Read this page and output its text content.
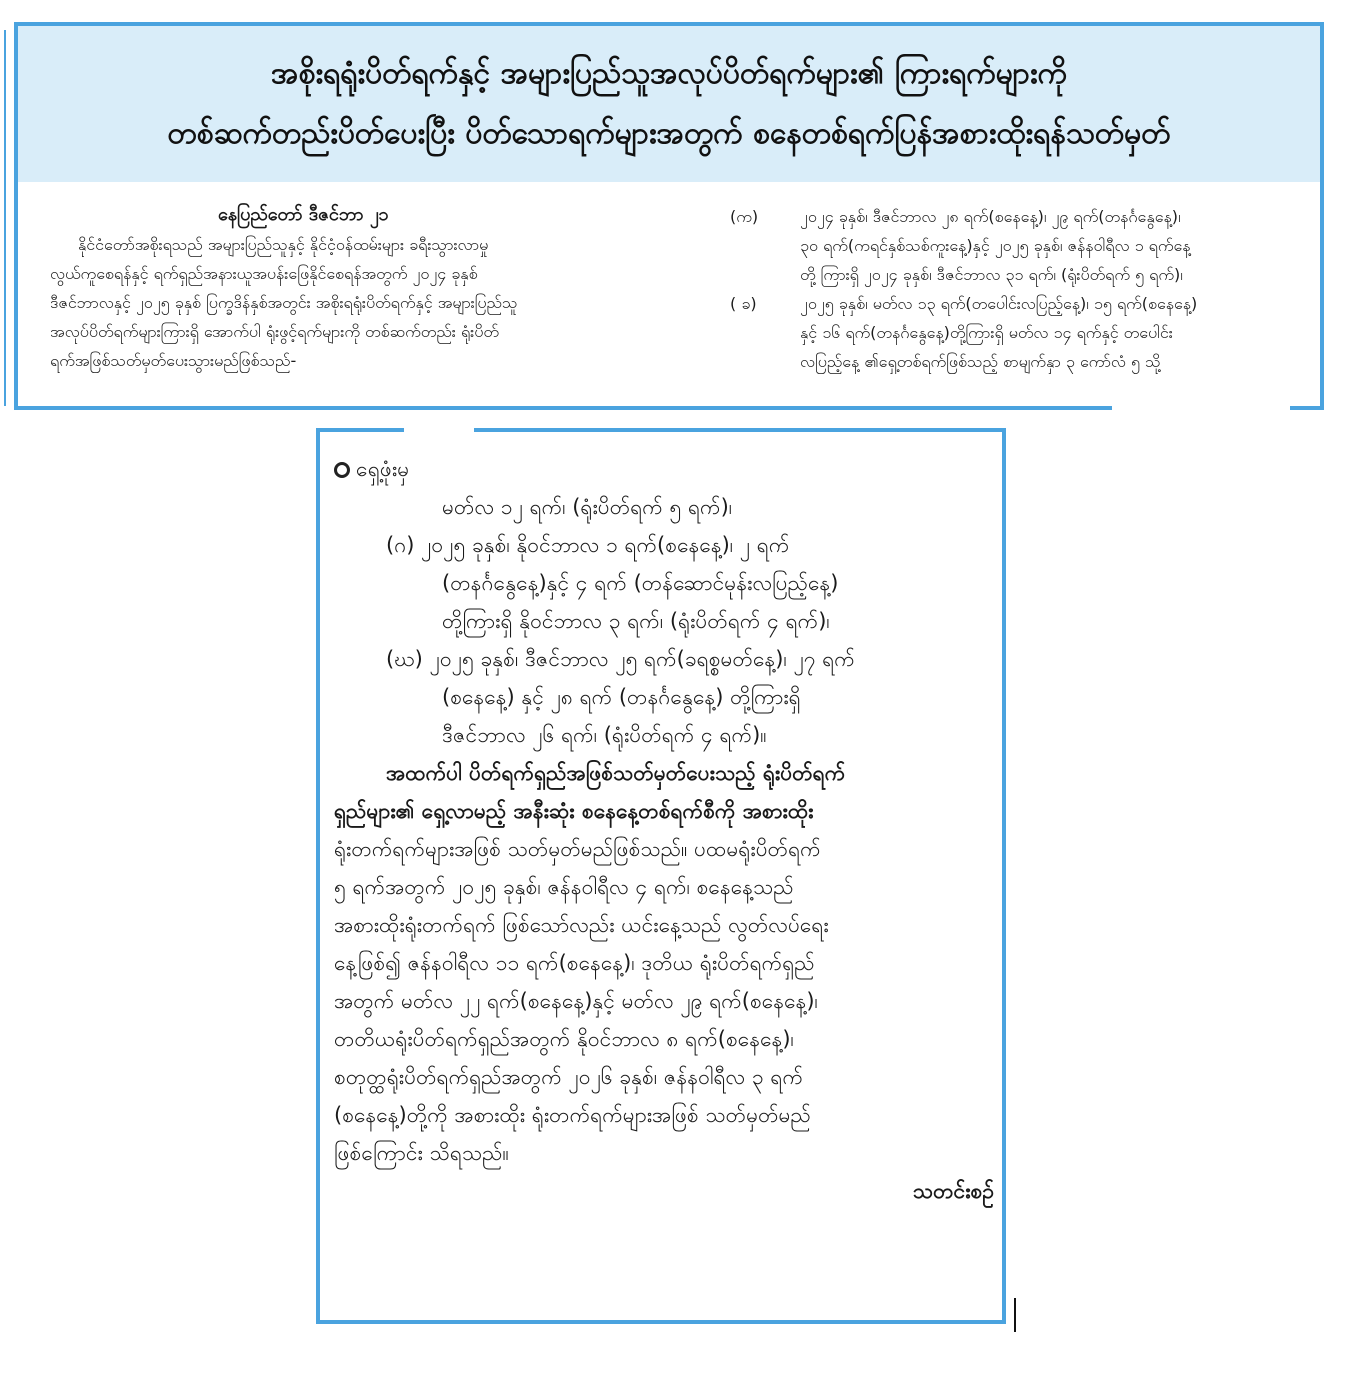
အစိုးရရုံးပိတ်ရက်နှင့် အများပြည်သူအလုပ်ပိတ်ရက်များ၏ ကြားရက်များကို
တစ်ဆက်တည်းပိတ်ပေးပြီး ပိတ်သောရက်များအတွက် စနေတစ်ရက်ပြန်အစားထိုးရန်သတ်မှတ်
နေပြည်တော် ဒီဇင်ဘာ ၂၁
နိုင်ငံတော်အစိုးရသည် အများပြည်သူနှင့် နိုင်ငံ့ဝန်ထမ်းများ ခရီးသွားလာမှု
လွယ်ကူစေရန်နှင့် ရက်ရှည်အနားယူအပန်းဖြေနိုင်စေရန်အတွက် ၂၀၂၄ ခုနှစ်
ဒီဇင်ဘာလနှင့် ၂၀၂၅ ခုနှစ် ပြက္ခဒိန်နှစ်အတွင်း အစိုးရရုံးပိတ်ရက်နှင့် အများပြည်သူ
အလုပ်ပိတ်ရက်များကြားရှိ အောက်ပါ ရုံးဖွင့်ရက်များကို တစ်ဆက်တည်း ရုံးပိတ်
ရက်အဖြစ်သတ်မှတ်ပေးသွားမည်ဖြစ်သည်-
(က)	၂၀၂၄ ခုနှစ်၊ ဒီဇင်ဘာလ ၂၈ ရက်(စနေနေ့)၊ ၂၉ ရက်(တနင်္ဂနွေနေ့)၊
၃၀ ရက်(ကရင်နှစ်သစ်ကူးနေ့)နှင့် ၂၀၂၅ ခုနှစ်၊ ဇန်နဝါရီလ ၁ ရက်နေ့
တို့ ကြားရှိ ၂၀၂၄ ခုနှစ်၊ ဒီဇင်ဘာလ ၃၁ ရက်၊ (ရုံးပိတ်ရက် ၅ ရက်)၊
( ခ)	၂၀၂၅ ခုနှစ်၊ မတ်လ ၁၃ ရက်(တပေါင်းလပြည့်နေ့)၊ ၁၅ ရက်(စနေနေ့)
နှင့် ၁၆ ရက်(တနင်္ဂနွေနေ့)တို့ကြားရှိ မတ်လ ၁၄ ရက်နှင့် တပေါင်း
လပြည့်နေ့ ၏ရှေ့တစ်ရက်ဖြစ်သည့် စာမျက်နှာ ၃ ကော်လံ ၅ သို့
ရှေ့ဖုံးမှ
မတ်လ ၁၂ ရက်၊ (ရုံးပိတ်ရက် ၅ ရက်)၊
(ဂ) ၂၀၂၅ ခုနှစ်၊ နိုဝင်ဘာလ ၁ ရက်(စနေနေ့)၊ ၂ ရက်
(တနင်္ဂနွေနေ့)နှင့် ၄ ရက် (တန်ဆောင်မုန်းလပြည့်နေ့)
တို့ကြားရှိ နိုဝင်ဘာလ ၃ ရက်၊ (ရုံးပိတ်ရက် ၄ ရက်)၊
(ဃ) ၂၀၂၅ ခုနှစ်၊ ဒီဇင်ဘာလ ၂၅ ရက်(ခရစ္စမတ်နေ့)၊ ၂၇ ရက်
(စနေနေ့) နှင့် ၂၈ ရက် (တနင်္ဂနွေနေ့) တို့ကြားရှိ
ဒီဇင်ဘာလ ၂၆ ရက်၊ (ရုံးပိတ်ရက် ၄ ရက်)။
အထက်ပါ ပိတ်ရက်ရှည်အဖြစ်သတ်မှတ်ပေးသည့် ရုံးပိတ်ရက်
ရှည်များ၏ ရှေ့လာမည့် အနီးဆုံး စနေနေ့တစ်ရက်စီကို အစားထိုး
ရုံးတက်ရက်များအဖြစ် သတ်မှတ်မည်ဖြစ်သည်။ ပထမရုံးပိတ်ရက်
၅ ရက်အတွက် ၂၀၂၅ ခုနှစ်၊ ဇန်နဝါရီလ ၄ ရက်၊ စနေနေ့သည်
အစားထိုးရုံးတက်ရက် ဖြစ်သော်လည်း ယင်းနေ့သည် လွတ်လပ်ရေး
နေ့ဖြစ်၍ ဇန်နဝါရီလ ၁၁ ရက်(စနေနေ့)၊ ဒုတိယ ရုံးပိတ်ရက်ရှည်
အတွက် မတ်လ ၂၂ ရက်(စနေနေ့)နှင့် မတ်လ ၂၉ ရက်(စနေနေ့)၊
တတိယရုံးပိတ်ရက်ရှည်အတွက် နိုဝင်ဘာလ ၈ ရက်(စနေနေ့)၊
စတုတ္ထရုံးပိတ်ရက်ရှည်အတွက် ၂၀၂၆ ခုနှစ်၊ ဇန်နဝါရီလ ၃ ရက်
(စနေနေ့)တို့ကို အစားထိုး ရုံးတက်ရက်များအဖြစ် သတ်မှတ်မည်
ဖြစ်ကြောင်း သိရသည်။
သတင်းစဉ်
